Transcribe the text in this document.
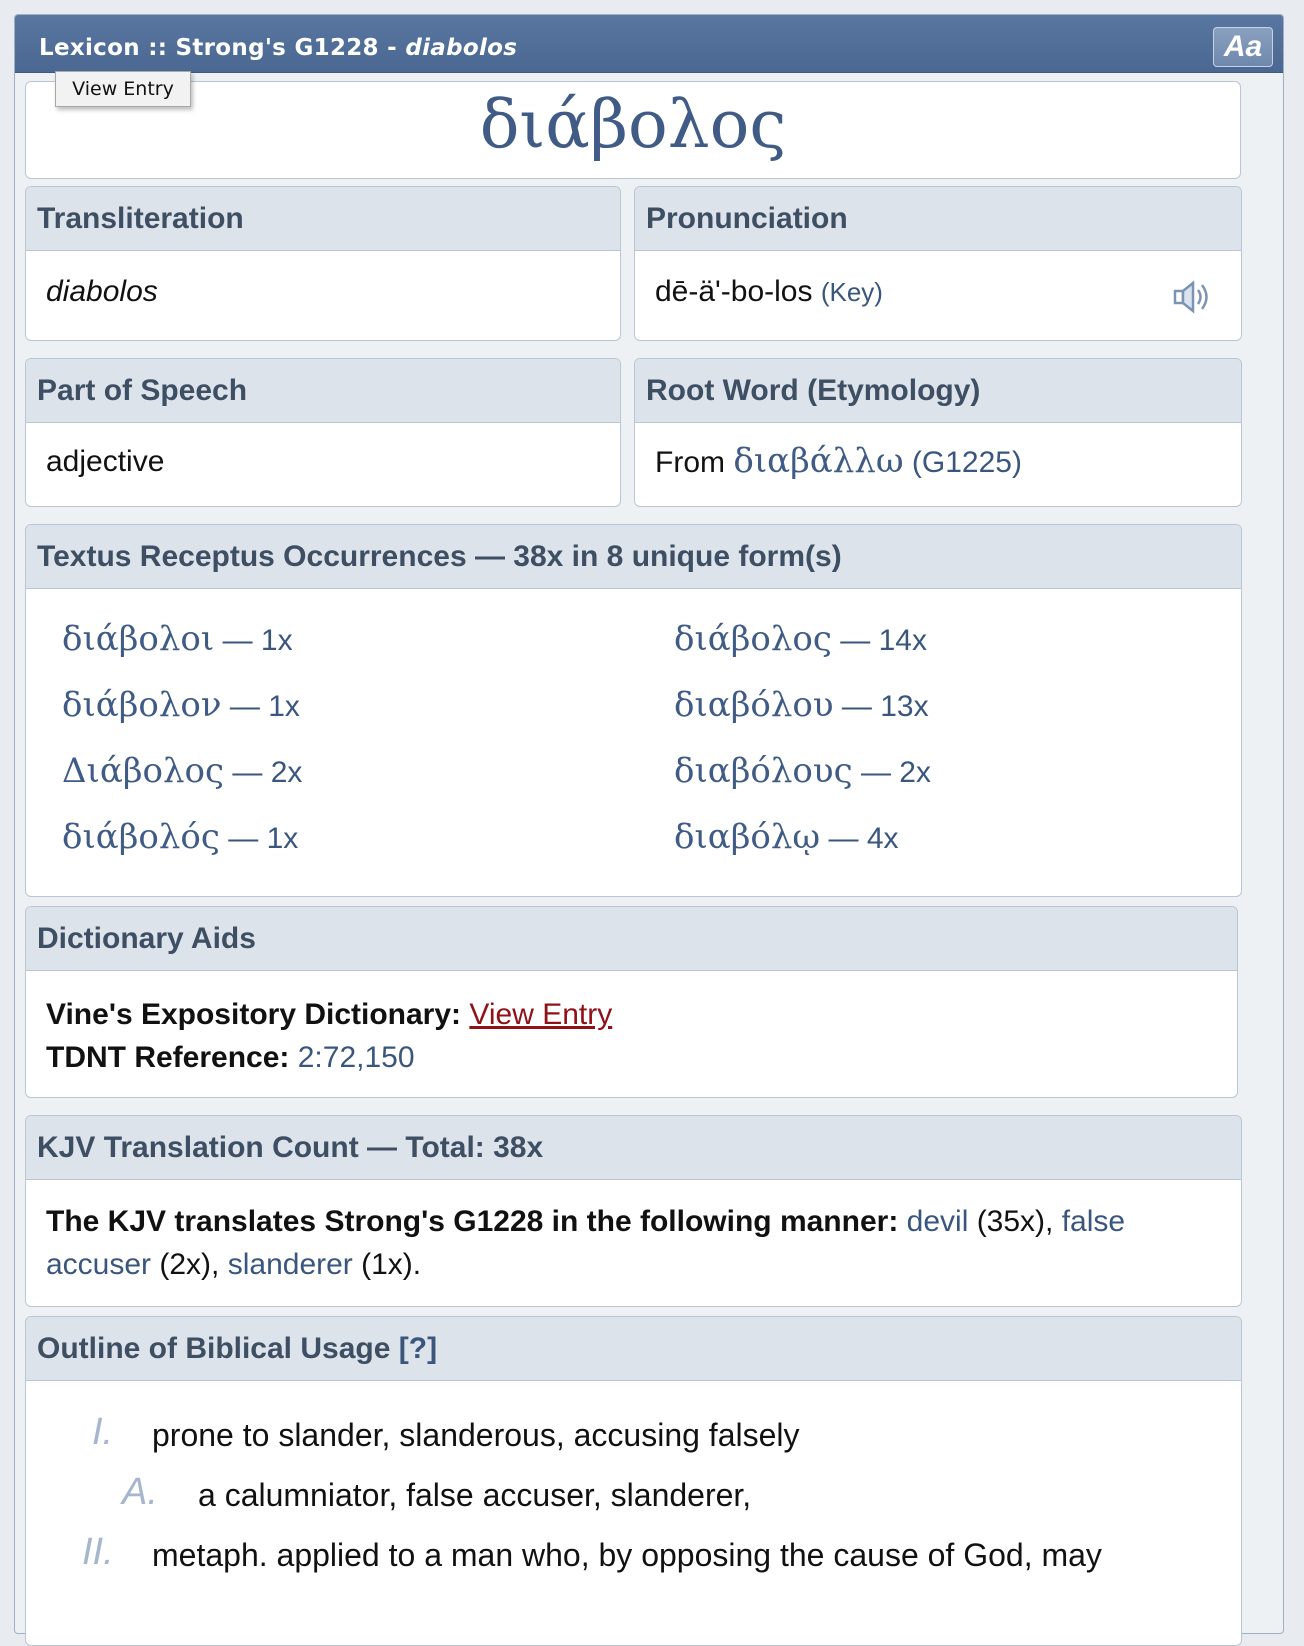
Lexicon :: Strong's G1228 - diabolos	Aa
View Entry	διάβολος
Transliteration
diabolos
Pronunciation
dē-ä'-bo-los (Key)
Part of Speech
adjective
Root Word (Etymology)
From διαβάλλω (G1225)
Textus Receptus Occurrences — 38x in 8 unique form(s)
διάβολοι — 1x
διάβολον — 1x
Διάβολος — 2x
διάβολός — 1x
διάβολος — 14x
διαβόλου — 13x
διαβόλους — 2x
διαβόλῳ — 4x
Dictionary Aids
Vine's Expository Dictionary: View Entry
TDNT Reference: 2:72,150
KJV Translation Count — Total: 38x
The KJV translates Strong's G1228 in the following manner: devil (35x), false accuser (2x), slanderer (1x).
Outline of Biblical Usage [?]
I. prone to slander, slanderous, accusing falsely
A. a calumniator, false accuser, slanderer,
II. metaph. applied to a man who, by opposing the cause of God, may
